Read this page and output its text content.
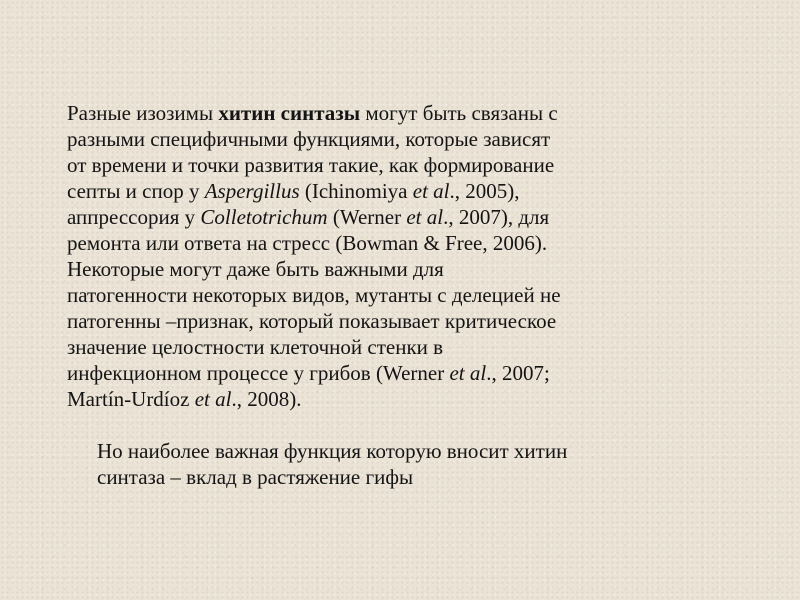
Разные изозимы хитин синтазы могут быть связаны с
разными специфичными функциями, которые зависят
от времени и точки развития такие, как формирование
септы и спор у Aspergillus (Ichinomiya et al., 2005),
аппрессория у Colletotrichum (Werner et al., 2007), для
ремонта или ответа на стресс (Bowman & Free, 2006).
Некоторые могут даже быть важными для
патогенности некоторых видов, мутанты с делецией не
патогенны –признак, который показывает критическое
значение целостности клеточной стенки в
инфекционном процессе у грибов (Werner et al., 2007;
Martín-Urdíoz et al., 2008).

Но наиболее важная функция которую вносит хитин
синтаза – вклад в растяжение гифы
